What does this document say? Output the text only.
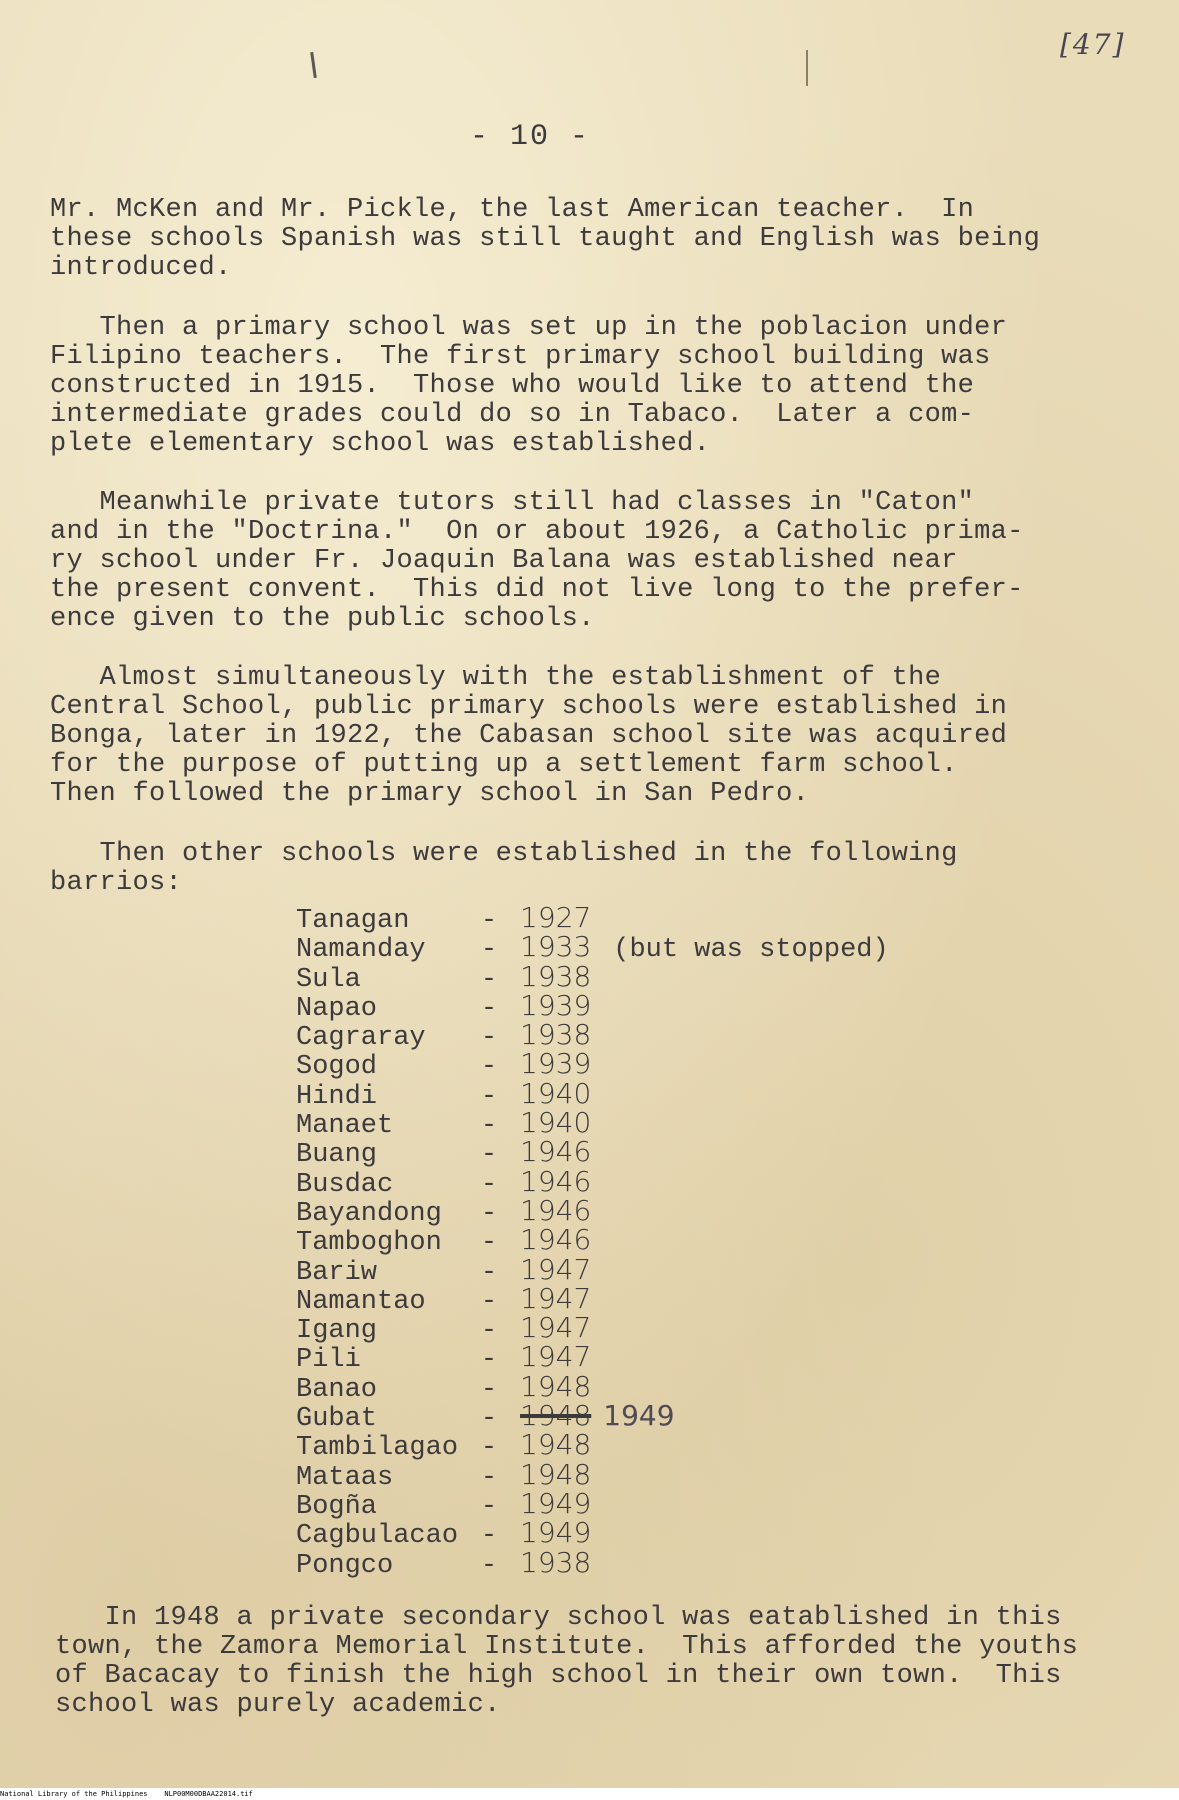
[47]
- 10 -

Mr. McKen and Mr. Pickle, the last American teacher.  In
these schools Spanish was still taught and English was being
introduced.

Then a primary school was set up in the poblacion under
Filipino teachers.  The first primary school building was
constructed in 1915.  Those who would like to attend the
intermediate grades could do so in Tabaco.  Later a com-
plete elementary school was established.

Meanwhile private tutors still had classes in "Caton"
and in the "Doctrina."  On or about 1926, a Catholic prima-
ry school under Fr. Joaquin Balana was established near
the present convent.  This did not live long to the prefer-
ence given to the public schools.

Almost simultaneously with the establishment of the
Central School, public primary schools were established in
Bonga, later in 1922, the Cabasan school site was acquired
for the purpose of putting up a settlement farm school.
Then followed the primary school in San Pedro.

Then other schools were established in the following
barrios:

Tanagan	- 1927
Namanday	- 1933 (but was stopped)
Sula	- 1938
Napao	- 1939
Cagraray	- 1938
Sogod	- 1939
Hindi	- 1940
Manaet	- 1940
Buang	- 1946
Busdac	- 1946
Bayandong	- 1946
Tamboghon	- 1946
Bariw	- 1947
Namantao	- 1947
Igang	- 1947
Pili	- 1947
Banao	- 1948
Gubat	- 1948 1949
Tambilagao - 1948
Mataas	- 1948
Bogña	- 1949
Cagbulacao - 1949
Pongco	- 1938

In 1948 a private secondary school was eatablished in this
town, the Zamora Memorial Institute.  This afforded the youths
of Bacacay to finish the high school in their own town.  This
school was purely academic.

National Library of the Philippines    NLP00M00DBAA22014.tif
